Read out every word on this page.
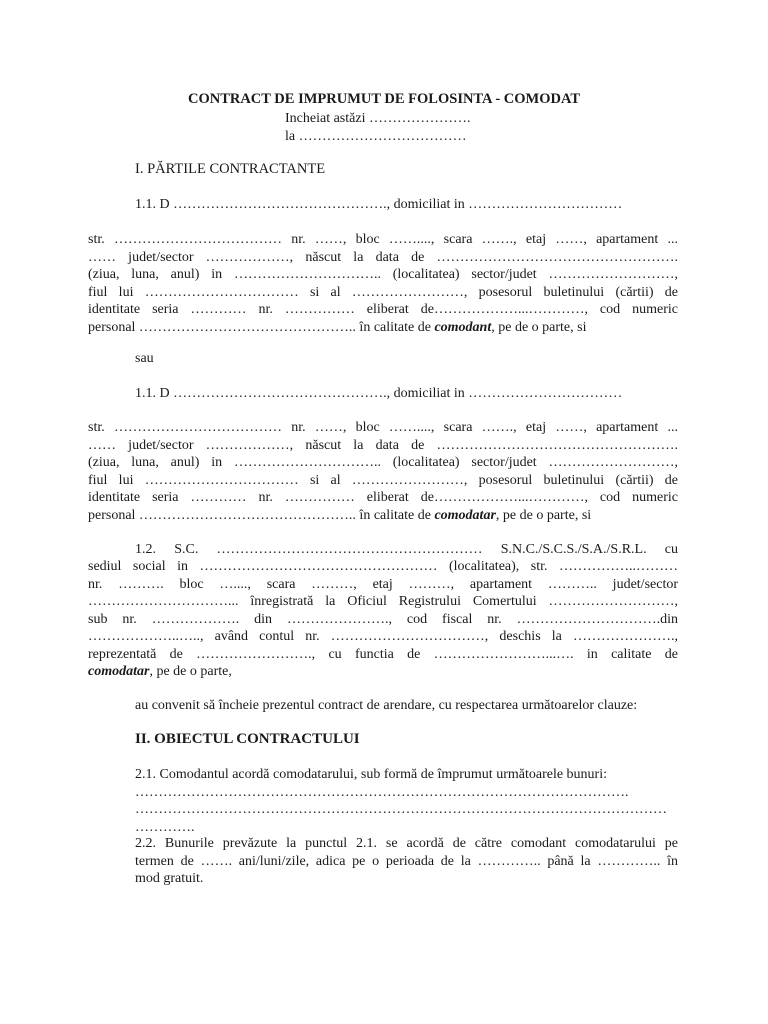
CONTRACT DE IMPRUMUT DE FOLOSINTA - COMODAT
Incheiat astăzi ………………….
la ………………………………
I. PĂRTILE CONTRACTANTE
1.1. D ………………………………………., domiciliat in ……………………………
str. ……………………………… nr. ……, bloc ……...., scara ……., etaj ……, apartament ...
…… judet/sector ………………, născut la data de …………………………………………….
(ziua, luna, anul) in ………………………….. (localitatea) sector/judet ………………………,
fiul lui …………………………… si al ……………………, posesorul buletinului (cărtii) de
identitate seria ………… nr. …………… eliberat de………………...…………, cod numeric
personal ……………………………………….. în calitate de comodant, pe de o parte, si
sau
1.1. D ………………………………………., domiciliat in ……………………………
str. ……………………………… nr. ……, bloc ……...., scara ……., etaj ……, apartament ...
…… judet/sector ………………, născut la data de …………………………………………….
(ziua, luna, anul) in ………………………….. (localitatea) sector/judet ………………………,
fiul lui …………………………… si al ……………………, posesorul buletinului (cărtii) de
identitate seria ………… nr. …………… eliberat de………………...…………, cod numeric
personal ……………………………………….. în calitate de comodatar, pe de o parte, si
1.2. S.C. ………………………………………………… S.N.C./S.C.S./S.A./S.R.L. cu
sediul social in …………………………………………… (localitatea), str. ……………..………
nr. ………. bloc …...., scara ………, etaj ………, apartament ……….. judet/sector
…………………………... înregistrată la Oficiul Registrului Comertului ………………………,
sub nr. ………………. din …………………., cod fiscal nr. ………………………….din
………………..….., având contul nr. ……………………………, deschis la ………………….,
reprezentată de ……………………., cu functia de ……………………...…. in calitate de
comodatar, pe de o parte,
au convenit să încheie prezentul contract de arendare, cu respectarea următoarelor clauze:
II. OBIECTUL CONTRACTULUI
2.1. Comodantul acordă comodatarului, sub formă de împrumut următoarele bunuri:
…………………………………………………………………………………………….
……………………………………………………………………………………………………
………….
2.2. Bunurile prevăzute la punctul 2.1. se acordă de către comodant comodatarului pe
termen de ……. ani/luni/zile, adica pe o perioada de la ………….. până la ………….. în
mod gratuit.
